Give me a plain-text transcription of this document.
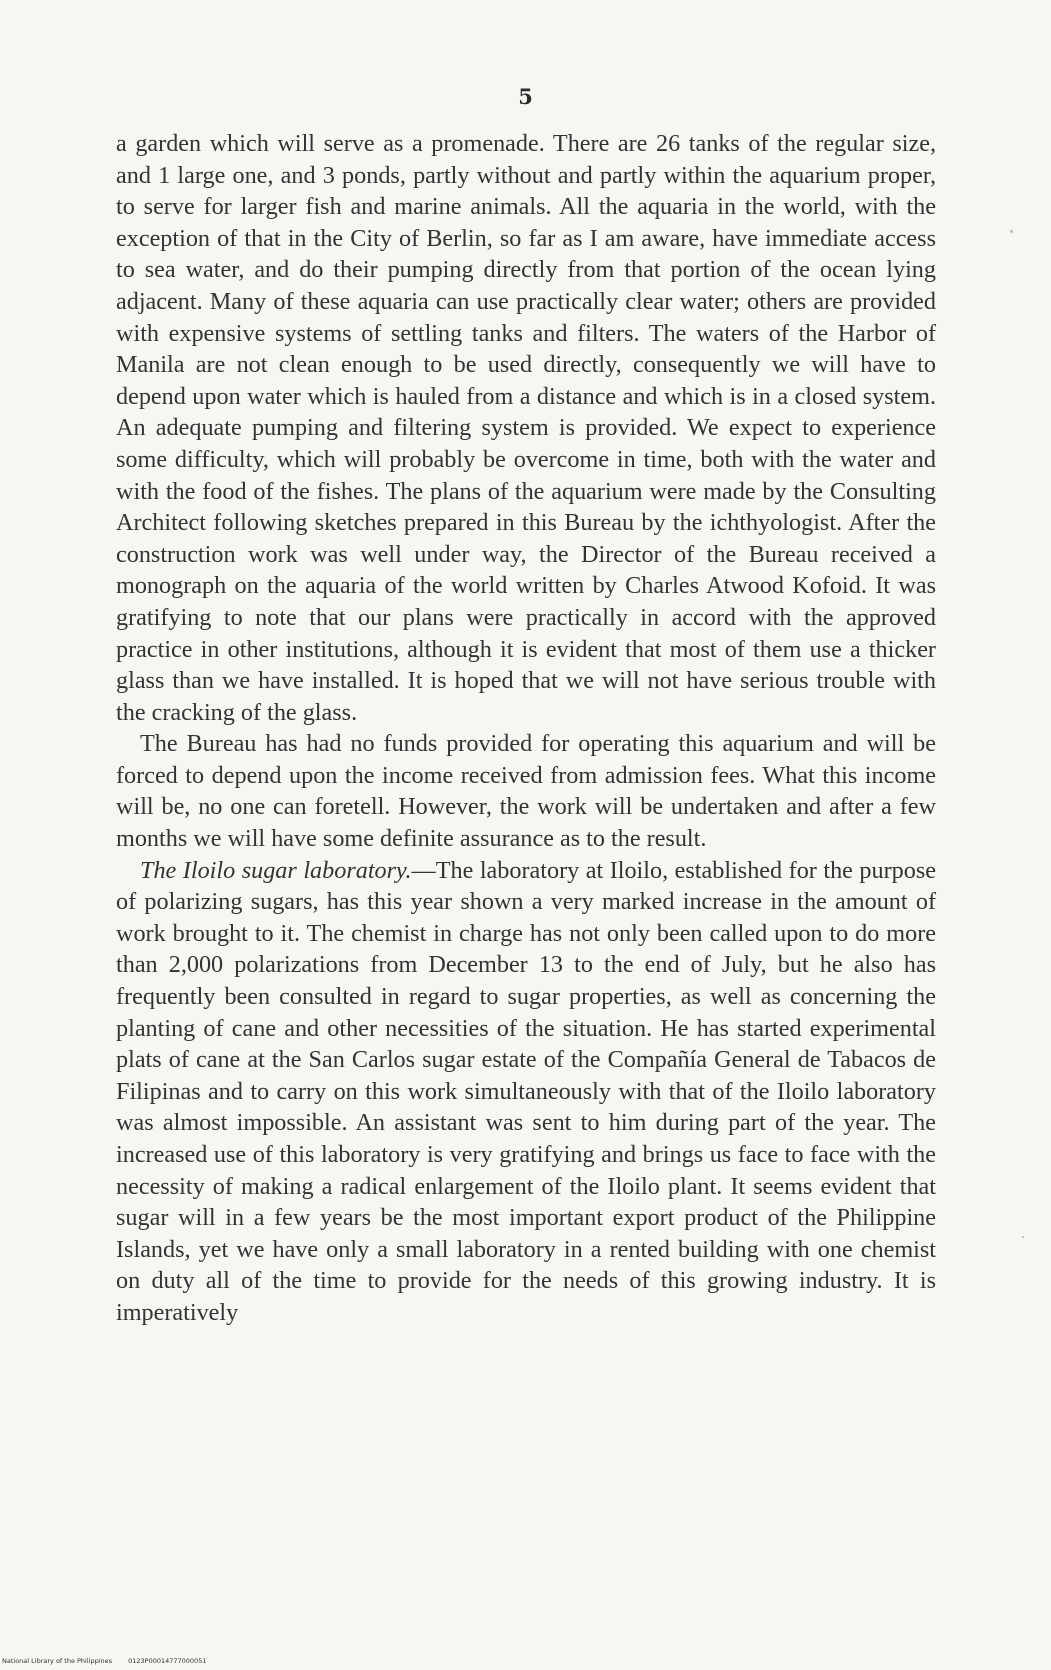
5

a garden which will serve as a promenade. There are 26 tanks of the regular size, and 1 large one, and 3 ponds, partly without and partly within the aquarium proper, to serve for larger fish and marine animals. All the aquaria in the world, with the exception of that in the City of Berlin, so far as I am aware, have immediate access to sea water, and do their pumping directly from that portion of the ocean lying adjacent. Many of these aquaria can use practically clear water; others are provided with expensive systems of settling tanks and filters. The waters of the Harbor of Manila are not clean enough to be used directly, consequently we will have to depend upon water which is hauled from a distance and which is in a closed system. An adequate pumping and filtering system is provided. We expect to experience some difficulty, which will probably be overcome in time, both with the water and with the food of the fishes. The plans of the aquarium were made by the Consulting Architect following sketches prepared in this Bureau by the ichthyologist. After the construction work was well under way, the Director of the Bureau received a monograph on the aquaria of the world written by Charles Atwood Kofoid. It was gratifying to note that our plans were practically in accord with the approved practice in other institutions, although it is evident that most of them use a thicker glass than we have installed. It is hoped that we will not have serious trouble with the cracking of the glass.

The Bureau has had no funds provided for operating this aquarium and will be forced to depend upon the income received from admission fees. What this income will be, no one can foretell. However, the work will be undertaken and after a few months we will have some definite assurance as to the result.

The Iloilo sugar laboratory.—The laboratory at Iloilo, established for the purpose of polarizing sugars, has this year shown a very marked increase in the amount of work brought to it. The chemist in charge has not only been called upon to do more than 2,000 polarizations from December 13 to the end of July, but he also has frequently been consulted in regard to sugar properties, as well as concerning the planting of cane and other necessities of the situation. He has started experimental plats of cane at the San Carlos sugar estate of the Compañía General de Tabacos de Filipinas and to carry on this work simultaneously with that of the Iloilo laboratory was almost impossible. An assistant was sent to him during part of the year. The increased use of this laboratory is very gratifying and brings us face to face with the necessity of making a radical enlargement of the Iloilo plant. It seems evident that sugar will in a few years be the most important export product of the Philippine Islands, yet we have only a small laboratory in a rented building with one chemist on duty all of the time to provide for the needs of this growing industry. It is imperatively

National Library of the Philippines 0123P00014777000051
